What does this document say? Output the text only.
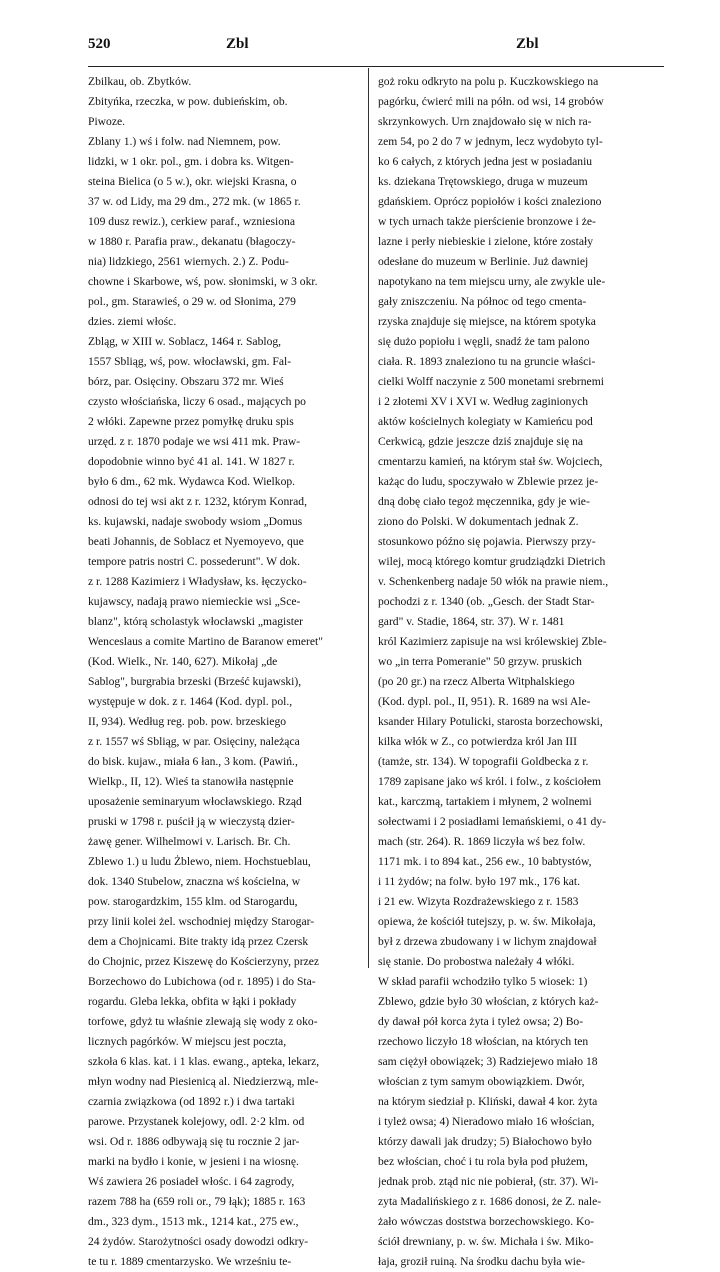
520	Zbl	Zbl
Zbilkau, ob. Zbytków.
Zbityńka, rzeczka, w pow. dubieńskim, ob.
Piwoze.
Zblany 1.) wś i folw. nad Niemnem, pow.
lidzki, w 1 okr. pol., gm. i dobra ks. Witgen-
steina Bielica (o 5 w.), okr. wiejski Krasna, o
37 w. od Lidy, ma 29 dm., 272 mk. (w 1865 r.
109 dusz rewiz.), cerkiew paraf., wzniesiona
w 1880 r. Parafia praw., dekanatu (błagoczy-
nia) lidzkiego, 2561 wiernych. 2.) Z. Podu-
chowne i Skarbowe, wś, pow. słonimski, w 3 okr.
pol., gm. Starawieś, o 29 w. od Słonima, 279
dzies. ziemi włośc.
Zbląg, w XIII w. Soblacz, 1464 r. Sablog,
1557 Sbliąg, wś, pow. włocławski, gm. Fal-
bórz, par. Osięciny. Obszaru 372 mr. Wieś
czysto włościańska, liczy 6 osad., mających po
2 włóki. Zapewne przez pomyłkę druku spis
urzęd. z r. 1870 podaje we wsi 411 mk. Praw-
dopodobnie winno być 41 al. 141. W 1827 r.
było 6 dm., 62 mk. Wydawca Kod. Wielkop.
odnosi do tej wsi akt z r. 1232, którym Konrad,
ks. kujawski, nadaje swobody wsiom „Domus
beati Johannis, de Soblacz et Nyemoyevo, que
tempore patris nostri C. possederunt". W dok.
z r. 1288 Kazimierz i Władysław, ks. łęczycko-
kujawscy, nadają prawo niemieckie wsi „Sce-
blanz", którą scholastyk włocławski „magister
Wenceslaus a comite Martino de Baranow emeret"
(Kod. Wielk., Nr. 140, 627). Mikołaj „de
Sablog", burgrabia brzeski (Brześć kujawski),
występuje w dok. z r. 1464 (Kod. dypl. pol.,
II, 934). Według reg. pob. pow. brzeskiego
z r. 1557 wś Sbliąg, w par. Osięciny, należąca
do bisk. kujaw., miała 6 łan., 3 kom. (Pawiń.,
Wielkp., II, 12). Wieś ta stanowiła następnie
uposażenie seminaryum włocławskiego. Rząd
pruski w 1798 r. puścił ją w wieczystą dzier-
żawę gener. Wilhelmowi v. Larisch. Br. Ch.
Zblewo 1.) u ludu Żblewo, niem. Hochstueblau,
dok. 1340 Stubelow, znaczna wś kościelna, w
pow. starogardzkim, 155 klm. od Starogardu,
przy linii kolei żel. wschodniej między Starogar-
dem a Chojnicami. Bite trakty idą przez Czersk
do Chojnic, przez Kiszewę do Kościerzyny, przez
Borzechowo do Lubichowa (od r. 1895) i do Sta-
rogardu. Gleba lekka, obfita w łąki i pokłady
torfowe, gdyż tu właśnie zlewają się wody z oko-
licznych pagórków. W miejscu jest poczta,
szkoła 6 klas. kat. i 1 klas. ewang., apteka, lekarz,
młyn wodny nad Piesienicą al. Niedzierzwą, mle-
czarnia związkowa (od 1892 r.) i dwa tartaki
parowe. Przystanek kolejowy, odl. 2·2 klm. od
wsi. Od r. 1886 odbywają się tu rocznie 2 jar-
marki na bydło i konie, w jesieni i na wiosnę.
Wś zawiera 26 posiadeł włośc. i 64 zagrody,
razem 788 ha (659 roli or., 79 łąk); 1885 r. 163
dm., 323 dym., 1513 mk., 1214 kat., 275 ew.,
24 żydów. Starożytności osady dowodzi odkry-
te tu r. 1889 cmentarzysko. We wrześniu te-
goż roku odkryto na polu p. Kuczkowskiego na
pagórku, ćwierć mili na półn. od wsi, 14 grobów
skrzynkowych. Urn znajdowało się w nich ra-
zem 54, po 2 do 7 w jednym, lecz wydobyto tyl-
ko 6 całych, z których jedna jest w posiadaniu
ks. dziekana Trętowskiego, druga w muzeum
gdańskiem. Oprócz popiołów i kości znaleziono
w tych urnach także pierścienie bronzowe i że-
lazne i perły niebieskie i zielone, które zostały
odesłane do muzeum w Berlinie. Już dawniej
napotykano na tem miejscu urny, ale zwykle ule-
gały zniszczeniu. Na północ od tego cmentа-
rzyska znajduje się miejsce, na którem spotyka
się dużo popiołu i węgli, snadź że tam palono
ciała. R. 1893 znaleziono tu na gruncie właści-
cielki Wolff naczynie z 500 monetami srebrnemi
i 2 złotemi XV i XVI w. Według zaginionych
aktów kościelnych kolegiaty w Kamieńcu pod
Cerkwicą, gdzie jeszcze dziś znajduje się na
cmentarzu kamień, na którym stał św. Wojciech,
każąc do ludu, spoczywało w Zblewie przez je-
dną dobę ciało tegoż męczennika, gdy je wie-
ziono do Polski. W dokumentach jednak Z.
stosunkowo późno się pojawia. Pierwszy przy-
wilej, mocą którego komtur grudziądzki Dietrich
v. Schenkenberg nadaje 50 włók na prawie niem.,
pochodzi z r. 1340 (ob. „Gesch. der Stadt Star-
gard" v. Stadie, 1864, str. 37). W r. 1481
król Kazimierz zapisuje na wsi królewskiej Zble-
wo „in terra Pomeranie" 50 grzyw. pruskich
(po 20 gr.) na rzecz Alberta Witphalskiego
(Kod. dypl. pol., II, 951). R. 1689 na wsi Ale-
ksander Hilary Potulicki, starosta borzechowski,
kilka włók w Z., co potwierdza król Jan III
(tamże, str. 134). W topografii Goldbecka z r.
1789 zapisane jako wś król. i folw., z kościołem
kat., karczmą, tartakiem i młynem, 2 wolnemi
sołectwami i 2 posiadłami lemańskiemi, o 41 dy-
mach (str. 264). R. 1869 liczyła wś bez folw.
1171 mk. i to 894 kat., 256 ew., 10 babtystów,
i 11 żydów; na folw. było 197 mk., 176 kat.
i 21 ew. Wizyta Rozdrażewskiego z r. 1583
opiewa, że kościół tutejszy, p. w. św. Mikołaja,
był z drzewa zbudowany i w lichym znajdował
się stanie. Do probostwa należały 4 włóki.
W skład parafii wchodziło tylko 5 wiosek: 1)
Zblewo, gdzie było 30 włościan, z których każ-
dy dawał pół korca żyta i tyleż owsa; 2) Bo-
rzechowo liczyło 18 włościan, na których ten
sam ciężył obowiązek; 3) Radziejewo miało 18
włościan z tym samym obowiązkiem. Dwór,
na którym siedział p. Kliński, dawał 4 kor. żyta
i tyleż owsa; 4) Nieradowo miało 16 włościan,
którzy dawali jak drudzy; 5) Białochowo było
bez włościan, choć i tu rola była pod płużem,
jednak prob. ztąd nic nie pobierał, (str. 37). Wi-
zyta Madalińskiego z r. 1686 donosi, że Z. nale-
żało wówczas doststwa borzechowskiego. Ko-
ściół drewniany, p. w. św. Michała i św. Miko-
łaja, groził ruiną. Na środku dachu była wie-
